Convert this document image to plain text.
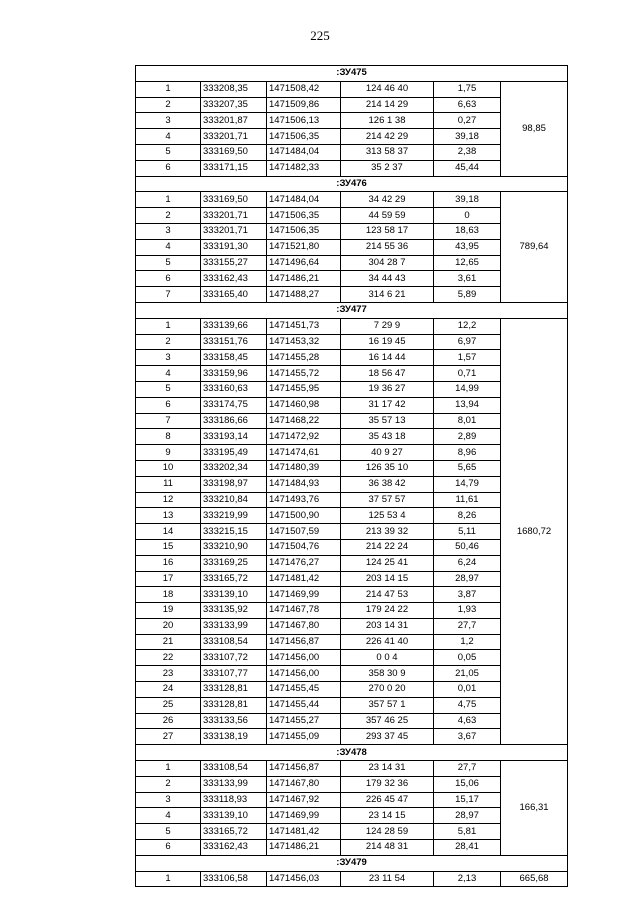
225
:ЗУ475					
1	333208,35	1471508,42	124 46 40	1,75	98,85
2	333207,35	1471509,86	214 14 29	6,63	
3	333201,87	1471506,13	126 1 38	0,27	
4	333201,71	1471506,35	214 42 29	39,18	
5	333169,50	1471484,04	313 58 37	2,38	
6	333171,15	1471482,33	35 2 37	45,44	
:ЗУ476					
1	333169,50	1471484,04	34 42 29	39,18	789,64
2	333201,71	1471506,35	44 59 59	0	
3	333201,71	1471506,35	123 58 17	18,63	
4	333191,30	1471521,80	214 55 36	43,95	
5	333155,27	1471496,64	304 28 7	12,65	
6	333162,43	1471486,21	34 44 43	3,61	
7	333165,40	1471488,27	314 6 21	5,89	
:ЗУ477					
1	333139,66	1471451,73	7 29 9	12,2	1680,72
2	333151,76	1471453,32	16 19 45	6,97	
3	333158,45	1471455,28	16 14 44	1,57	
4	333159,96	1471455,72	18 56 47	0,71	
5	333160,63	1471455,95	19 36 27	14,99	
6	333174,75	1471460,98	31 17 42	13,94	
7	333186,66	1471468,22	35 57 13	8,01	
8	333193,14	1471472,92	35 43 18	2,89	
9	333195,49	1471474,61	40 9 27	8,96	
10	333202,34	1471480,39	126 35 10	5,65	
11	333198,97	1471484,93	36 38 42	14,79	
12	333210,84	1471493,76	37 57 57	11,61	
13	333219,99	1471500,90	125 53 4	8,26	
14	333215,15	1471507,59	213 39 32	5,11	
15	333210,90	1471504,76	214 22 24	50,46	
16	333169,25	1471476,27	124 25 41	6,24	
17	333165,72	1471481,42	203 14 15	28,97	
18	333139,10	1471469,99	214 47 53	3,87	
19	333135,92	1471467,78	179 24 22	1,93	
20	333133,99	1471467,80	203 14 31	27,7	
21	333108,54	1471456,87	226 41 40	1,2	
22	333107,72	1471456,00	0 0 4	0,05	
23	333107,77	1471456,00	358 30 9	21,05	
24	333128,81	1471455,45	270 0 20	0,01	
25	333128,81	1471455,44	357 57 1	4,75	
26	333133,56	1471455,27	357 46 25	4,63	
27	333138,19	1471455,09	293 37 45	3,67	
:ЗУ478					
1	333108,54	1471456,87	23 14 31	27,7	166,31
2	333133,99	1471467,80	179 32 36	15,06	
3	333118,93	1471467,92	226 45 47	15,17	
4	333139,10	1471469,99	23 14 15	28,97	
5	333165,72	1471481,42	124 28 59	5,81	
6	333162,43	1471486,21	214 48 31	28,41	
:ЗУ479					
1	333106,58	1471456,03	23 11 54	2,13	665,68
